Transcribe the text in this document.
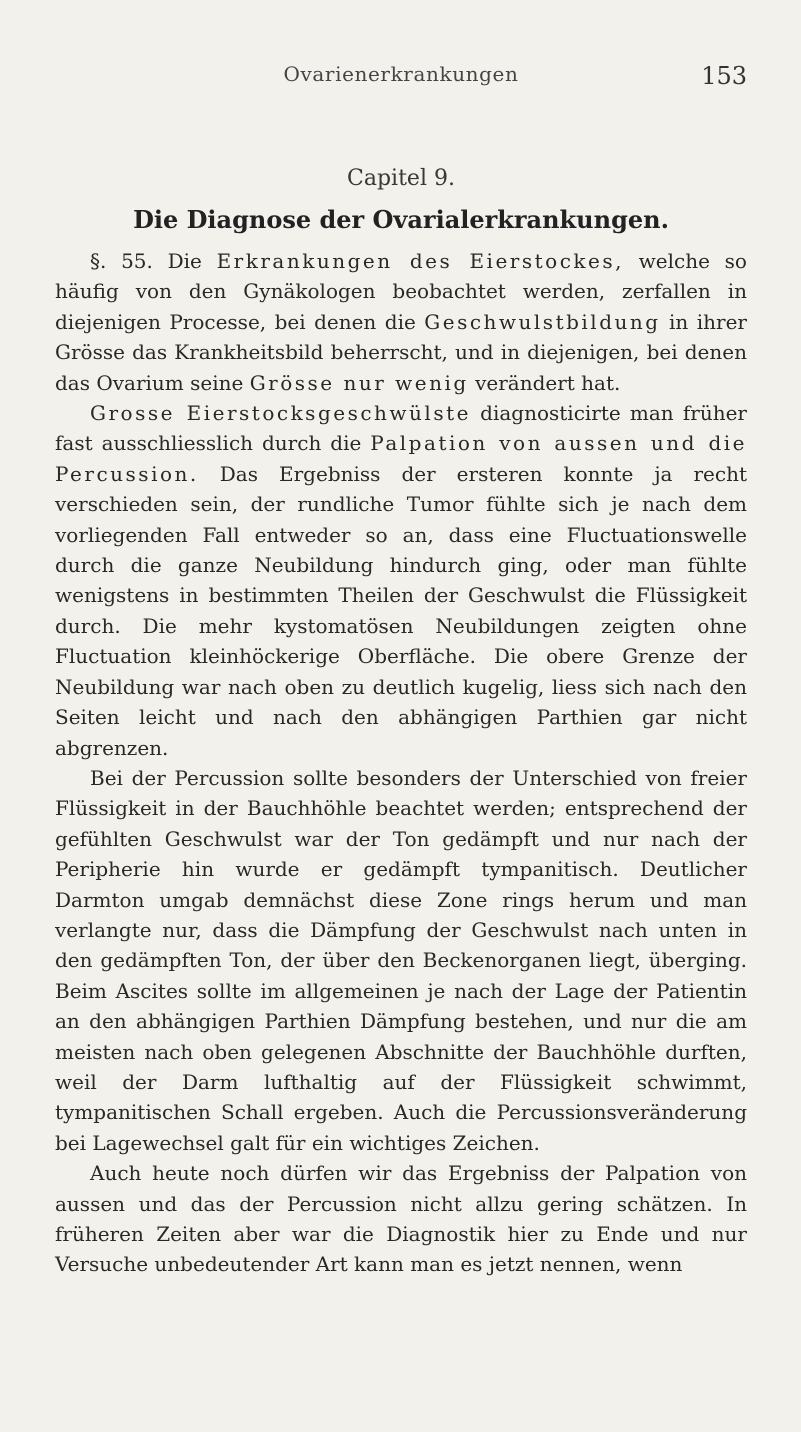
Ovarienerkrankungen	153
Capitel 9.
Die Diagnose der Ovarialerkrankungen.

§. 55. Die Erkrankungen des Eierstockes, welche so häufig von den Gynäkologen beobachtet werden, zerfallen in diejenigen Processe, bei denen die Geschwulstbildung in ihrer Grösse das Krankheitsbild beherrscht, und in diejenigen, bei denen das Ovarium seine Grösse nur wenig verändert hat.

Grosse Eierstocksgeschwülste diagnosticirte man früher fast ausschliesslich durch die Palpation von aussen und die Percussion. Das Ergebniss der ersteren konnte ja recht verschieden sein, der rundliche Tumor fühlte sich je nach dem vorliegenden Fall entweder so an, dass eine Fluctuationswelle durch die ganze Neubildung hindurch ging, oder man fühlte wenigstens in bestimmten Theilen der Geschwulst die Flüssigkeit durch. Die mehr kystomatösen Neubildungen zeigten ohne Fluctuation kleinhöckerige Oberfläche. Die obere Grenze der Neubildung war nach oben zu deutlich kugelig, liess sich nach den Seiten leicht und nach den abhängigen Parthien gar nicht abgrenzen.

Bei der Percussion sollte besonders der Unterschied von freier Flüssigkeit in der Bauchhöhle beachtet werden; entsprechend der gefühlten Geschwulst war der Ton gedämpft und nur nach der Peripherie hin wurde er gedämpft tympanitisch. Deutlicher Darmton umgab demnächst diese Zone rings herum und man verlangte nur, dass die Dämpfung der Geschwulst nach unten in den gedämpften Ton, der über den Beckenorganen liegt, überging. Beim Ascites sollte im allgemeinen je nach der Lage der Patientin an den abhängigen Parthien Dämpfung bestehen, und nur die am meisten nach oben gelegenen Abschnitte der Bauchhöhle durften, weil der Darm lufthaltig auf der Flüssigkeit schwimmt, tympanitischen Schall ergeben. Auch die Percussionsveränderung bei Lagewechsel galt für ein wichtiges Zeichen.

Auch heute noch dürfen wir das Ergebniss der Palpation von aussen und das der Percussion nicht allzu gering schätzen. In früheren Zeiten aber war die Diagnostik hier zu Ende und nur Versuche unbedeutender Art kann man es jetzt nennen, wenn
